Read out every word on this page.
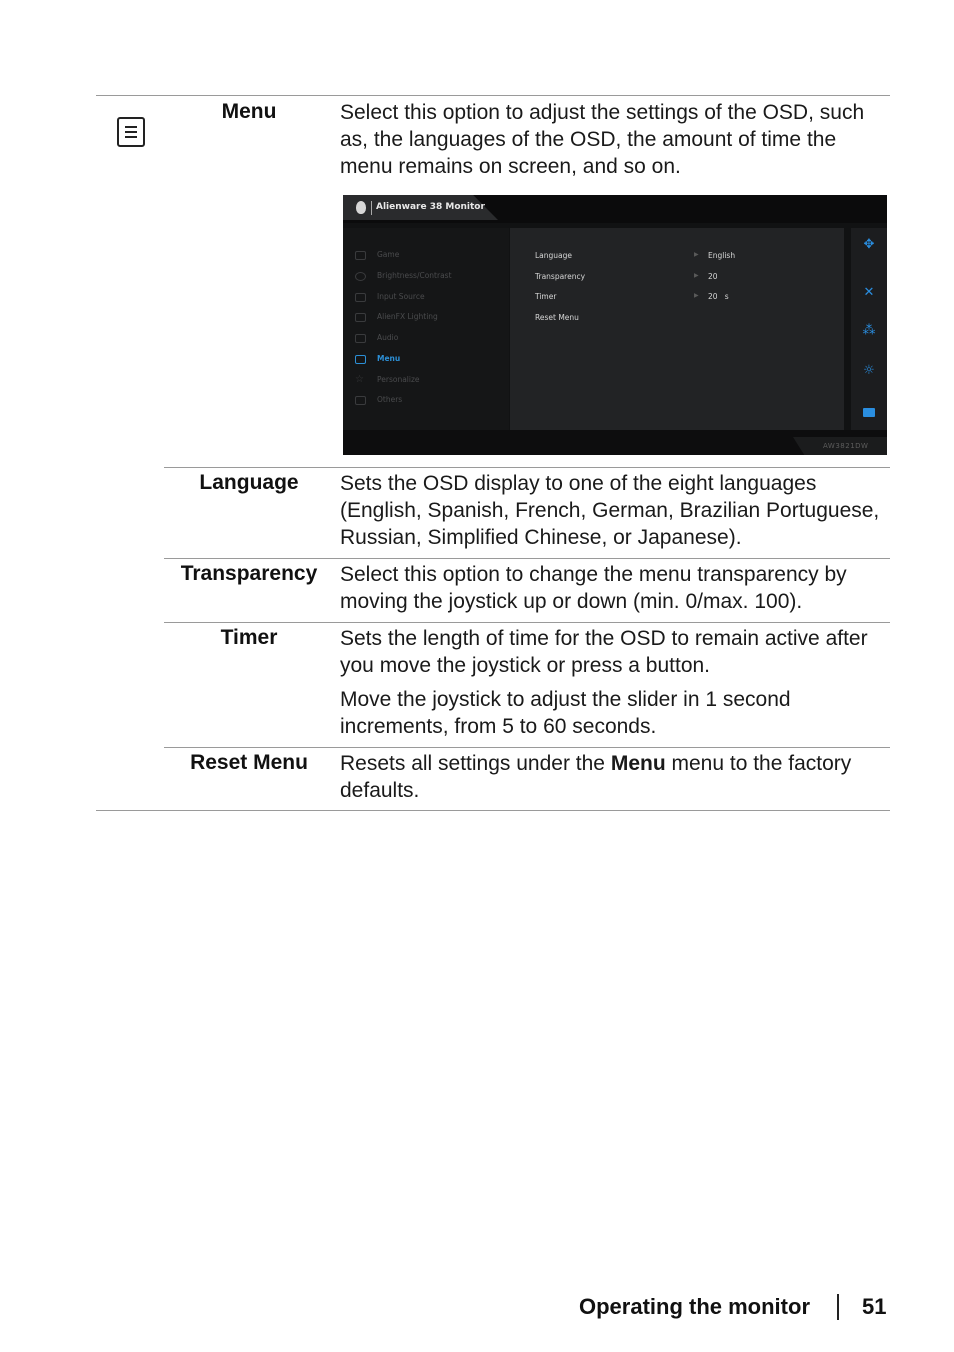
Menu	Select this option to adjust the settings of the OSD, such as, the languages of the OSD, the amount of time the menu remains on screen, and so on.
Alienware 38 Monitor
Game
Brightness/Contrast
Input Source
AlienFX Lighting
Audio
Menu
☆ Personalize
Others
Language	▶ English
Transparency	▶ 20
Timer	▶ 20   s
Reset Menu
✥
✕
⁂
☼
AW3821DW
Language	Sets the OSD display to one of the eight languages (English, Spanish, French, German, Brazilian Portuguese, Russian, Simplified Chinese, or Japanese).
Transparency	Select this option to change the menu transparency by moving the joystick up or down (min. 0/max. 100).
Timer	Sets the length of time for the OSD to remain active after you move the joystick or press a button.
Move the joystick to adjust the slider in 1 second increments, from 5 to 60 seconds.
Reset Menu	Resets all settings under the Menu menu to the factory defaults.
Operating the monitor 51
